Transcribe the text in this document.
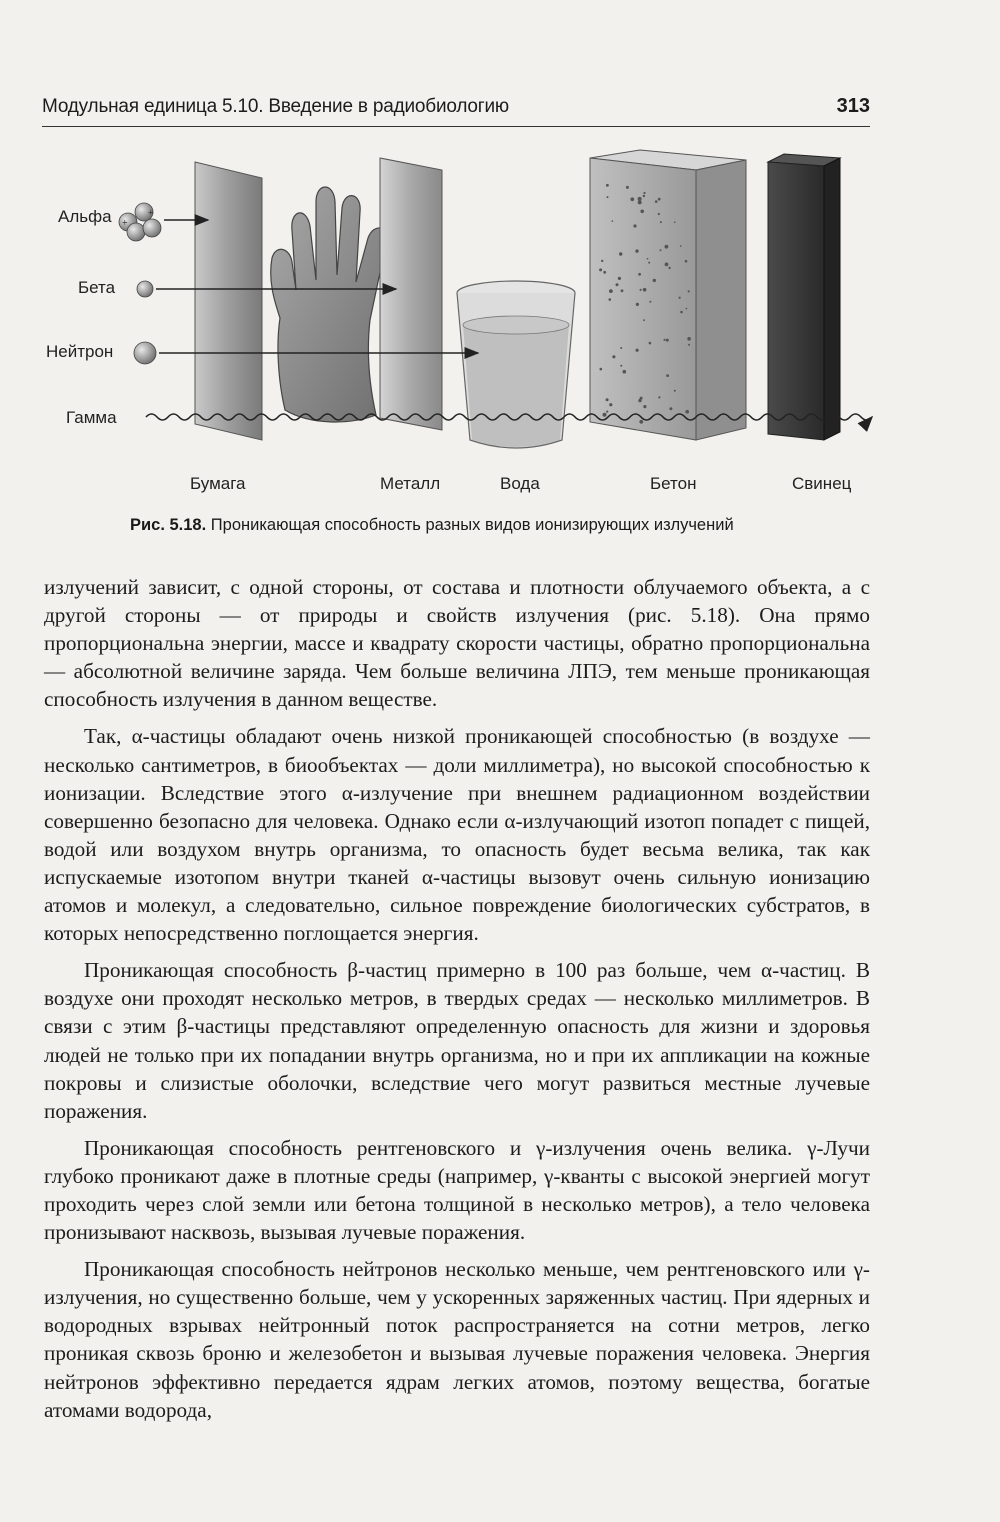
Модульная единица 5.10. Введение в радиобиологию	313
+
+
Альфа
Бета
Нейтрон
Гамма
Бумага	Металл	Вода	Бетон	Свинец
Рис. 5.18. Проникающая способность разных видов ионизирующих излучений

излучений зависит, с одной стороны, от состава и плотности облучаемого объекта, а с другой стороны — от природы и свойств излучения (рис. 5.18). Она прямо пропорциональна энергии, массе и квадрату скорости частицы, обратно пропорциональна — абсолютной величине заряда. Чем больше величина ЛПЭ, тем меньше проникающая способность излучения в данном веществе.

Так, α-частицы обладают очень низкой проникающей способностью (в воздухе — несколько сантиметров, в биообъектах — доли миллиметра), но высокой способностью к ионизации. Вследствие этого α-излучение при внешнем радиационном воздействии совершенно безопасно для человека. Однако если α-излучающий изотоп попадет с пищей, водой или воздухом внутрь организма, то опасность будет весьма велика, так как испускаемые изотопом внутри тканей α-частицы вызовут очень сильную ионизацию атомов и молекул, а следовательно, сильное повреждение биологических субстратов, в которых непосредственно поглощается энергия.

Проникающая способность β-частиц примерно в 100 раз больше, чем α-частиц. В воздухе они проходят несколько метров, в твердых средах — несколько миллиметров. В связи с этим β-частицы представляют определенную опасность для жизни и здоровья людей не только при их попадании внутрь организма, но и при их аппликации на кожные покровы и слизистые оболочки, вследствие чего могут развиться местные лучевые поражения.

Проникающая способность рентгеновского и γ-излучения очень велика. γ-Лучи глубоко проникают даже в плотные среды (например, γ-кванты с высокой энергией могут проходить через слой земли или бетона толщиной в несколько метров), а тело человека пронизывают насквозь, вызывая лучевые поражения.

Проникающая способность нейтронов несколько меньше, чем рентгеновского или γ-излучения, но существенно больше, чем у ускоренных заряженных частиц. При ядерных и водородных взрывах нейтронный поток распространяется на сотни метров, легко проникая сквозь броню и железобетон и вызывая лучевые поражения человека. Энергия нейтронов эффективно передается ядрам легких атомов, поэтому вещества, богатые атомами водорода,
